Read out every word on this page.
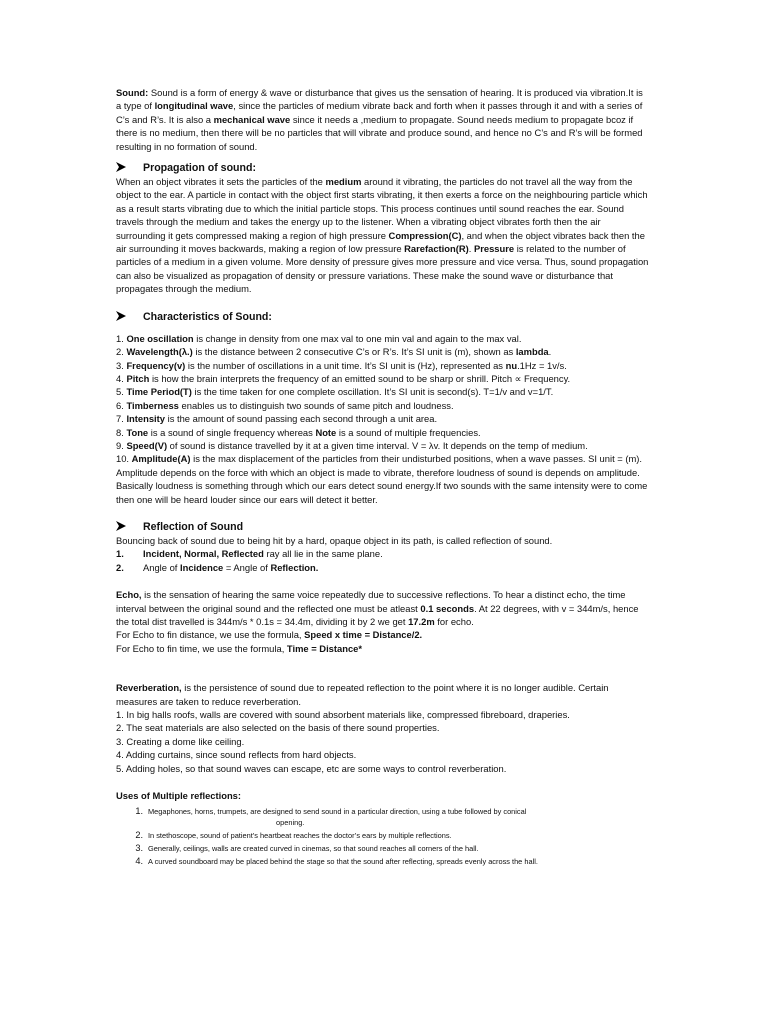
Sound: Sound is a form of energy & wave or disturbance that gives us the sensation of hearing. It is produced via vibration.It is a type of longitudinal wave, since the particles of medium vibrate back and forth when it passes through it and with a series of C’s and R’s. It is also a mechanical wave since it needs a ,medium to propagate. Sound needs medium to propagate bcoz if there is no medium, then there will be no particles that will vibrate and produce sound, and hence no C’s and R’s will be formed resulting in no formation of sound.

Propagation of sound:

When an object vibrates it sets the particles of the medium around it vibrating, the particles do not travel all the way from the object to the ear. A particle in contact with the object first starts vibrating, it then exerts a force on the neighbouring particle which as a result starts vibrating due to which the initial particle stops. This process continues until sound reaches the ear. Sound travels through the medium and takes the energy up to the listener. When a vibrating object vibrates forth then the air surrounding it gets compressed making a region of high pressure Compression(C), and when the object vibrates back then the air surrounding it moves backwards, making a region of low pressure Rarefaction(R). Pressure is related to the number of particles of a medium in a given volume. More density of pressure gives more pressure and vice versa. Thus, sound propagation can also be visualized as propagation of density or pressure variations. These make the sound wave or disturbance that propagates through the medium.

Characteristics of Sound:

1. One oscillation is change in density from one max val to one min val and again to the max val.

2. Wavelength(λ.) is the distance between 2 consecutive C’s or R’s. It’s SI unit is (m), shown as lambda.

3. Frequency(v) is the number of oscillations in a unit time. It’s SI unit is (Hz), represented as nu.1Hz = 1v/s.

4. Pitch is how the brain interprets the frequency of an emitted sound to be sharp or shrill. Pitch ∝ Frequency.

5. Time Period(T) is the time taken for one complete oscillation. It’s SI unit is second(s). T=1/v and v=1/T.

6. Timberness enables us to distinguish two sounds of same pitch and loudness.

7. Intensity is the amount of sound passing each second through a unit area.

8. Tone is a sound of single frequency whereas Note is a sound of multiple frequencies.

9. Speed(V) of sound is distance travelled by it at a given time interval. V = λv. It depends on the temp of medium.

10. Amplitude(A) is the max displacement of the particles from their undisturbed positions, when a wave passes. SI unit = (m). Amplitude depends on the force with which an object is made to vibrate, therefore loudness of sound is depends on amplitude. Basically loudness is something through which our ears detect sound energy.If two sounds with the same intensity were to come then one will be heard louder since our ears will detect it better.

Reflection of Sound

Bouncing back of sound due to being hit by a hard, opaque object in its path, is called reflection of sound.

1.	Incident, Normal, Reflected ray all lie in the same plane.
2.	Angle of Incidence = Angle of Reflection.

Echo, is the sensation of hearing the same voice repeatedly due to successive reflections. To hear a distinct echo, the time interval between the original sound and the reflected one must be atleast 0.1 seconds. At 22 degrees, with v = 344m/s, hence the total dist travelled is 344m/s * 0.1s = 34.4m, dividing it by 2 we get 17.2m for echo.

For Echo to fin distance, we use the formula, Speed x time = Distance/2.

For Echo to fin time, we use the formula, Time = Distance*

Reverberation, is the persistence of sound due to repeated reflection to the point where it is no longer audible. Certain measures are taken to reduce reverberation.

1. In big halls roofs, walls are covered with sound absorbent materials like, compressed fibreboard, draperies.

2. The seat materials are also selected on the basis of there sound properties.

3. Creating a dome like ceiling.

4. Adding curtains, since sound reflects from hard objects.

5. Adding holes, so that sound waves can escape, etc are some ways to control reverberation.

Uses of Multiple reflections:

1. Megaphones, horns, trumpets, are designed to send sound in a particular direction, using a tube followed by conical
opening.
2. In stethoscope, sound of patient’s heartbeat reaches the doctor’s ears by multiple reflections.
3. Generally, ceilings, walls are created curved in cinemas, so that sound reaches all corners of the hall.
4. A curved soundboard may be placed behind the stage so that the sound after reflecting, spreads evenly across the hall.
